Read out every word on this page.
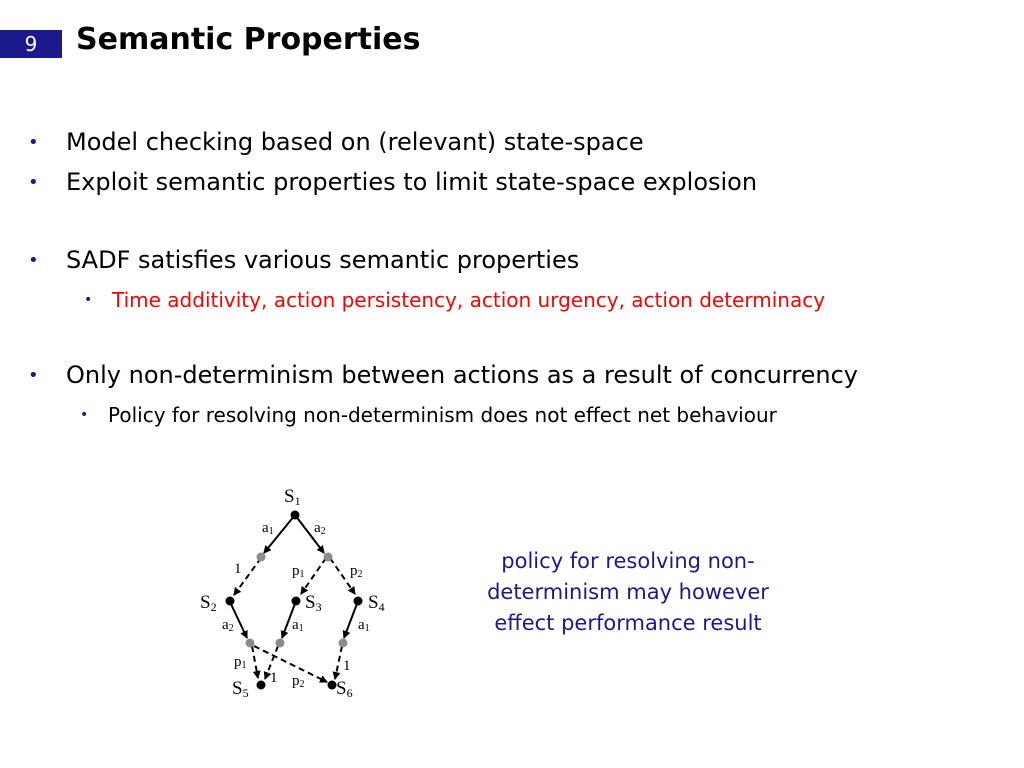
9	Semantic Properties
• Model checking based on (relevant) state-space
• Exploit semantic properties to limit state-space explosion
• SADF satisfies various semantic properties
• Time additivity, action persistency, action urgency, action determinacy
• Only non-determinism between actions as a result of concurrency
• Policy for resolving non-determinism does not effect net behaviour
S1
S2	S3 S4
S5	S6
a1	a2
a2	a1	a1
1	p1	p2
p1
1 p2
1
policy for resolving non-
determinism may however
effect performance result
